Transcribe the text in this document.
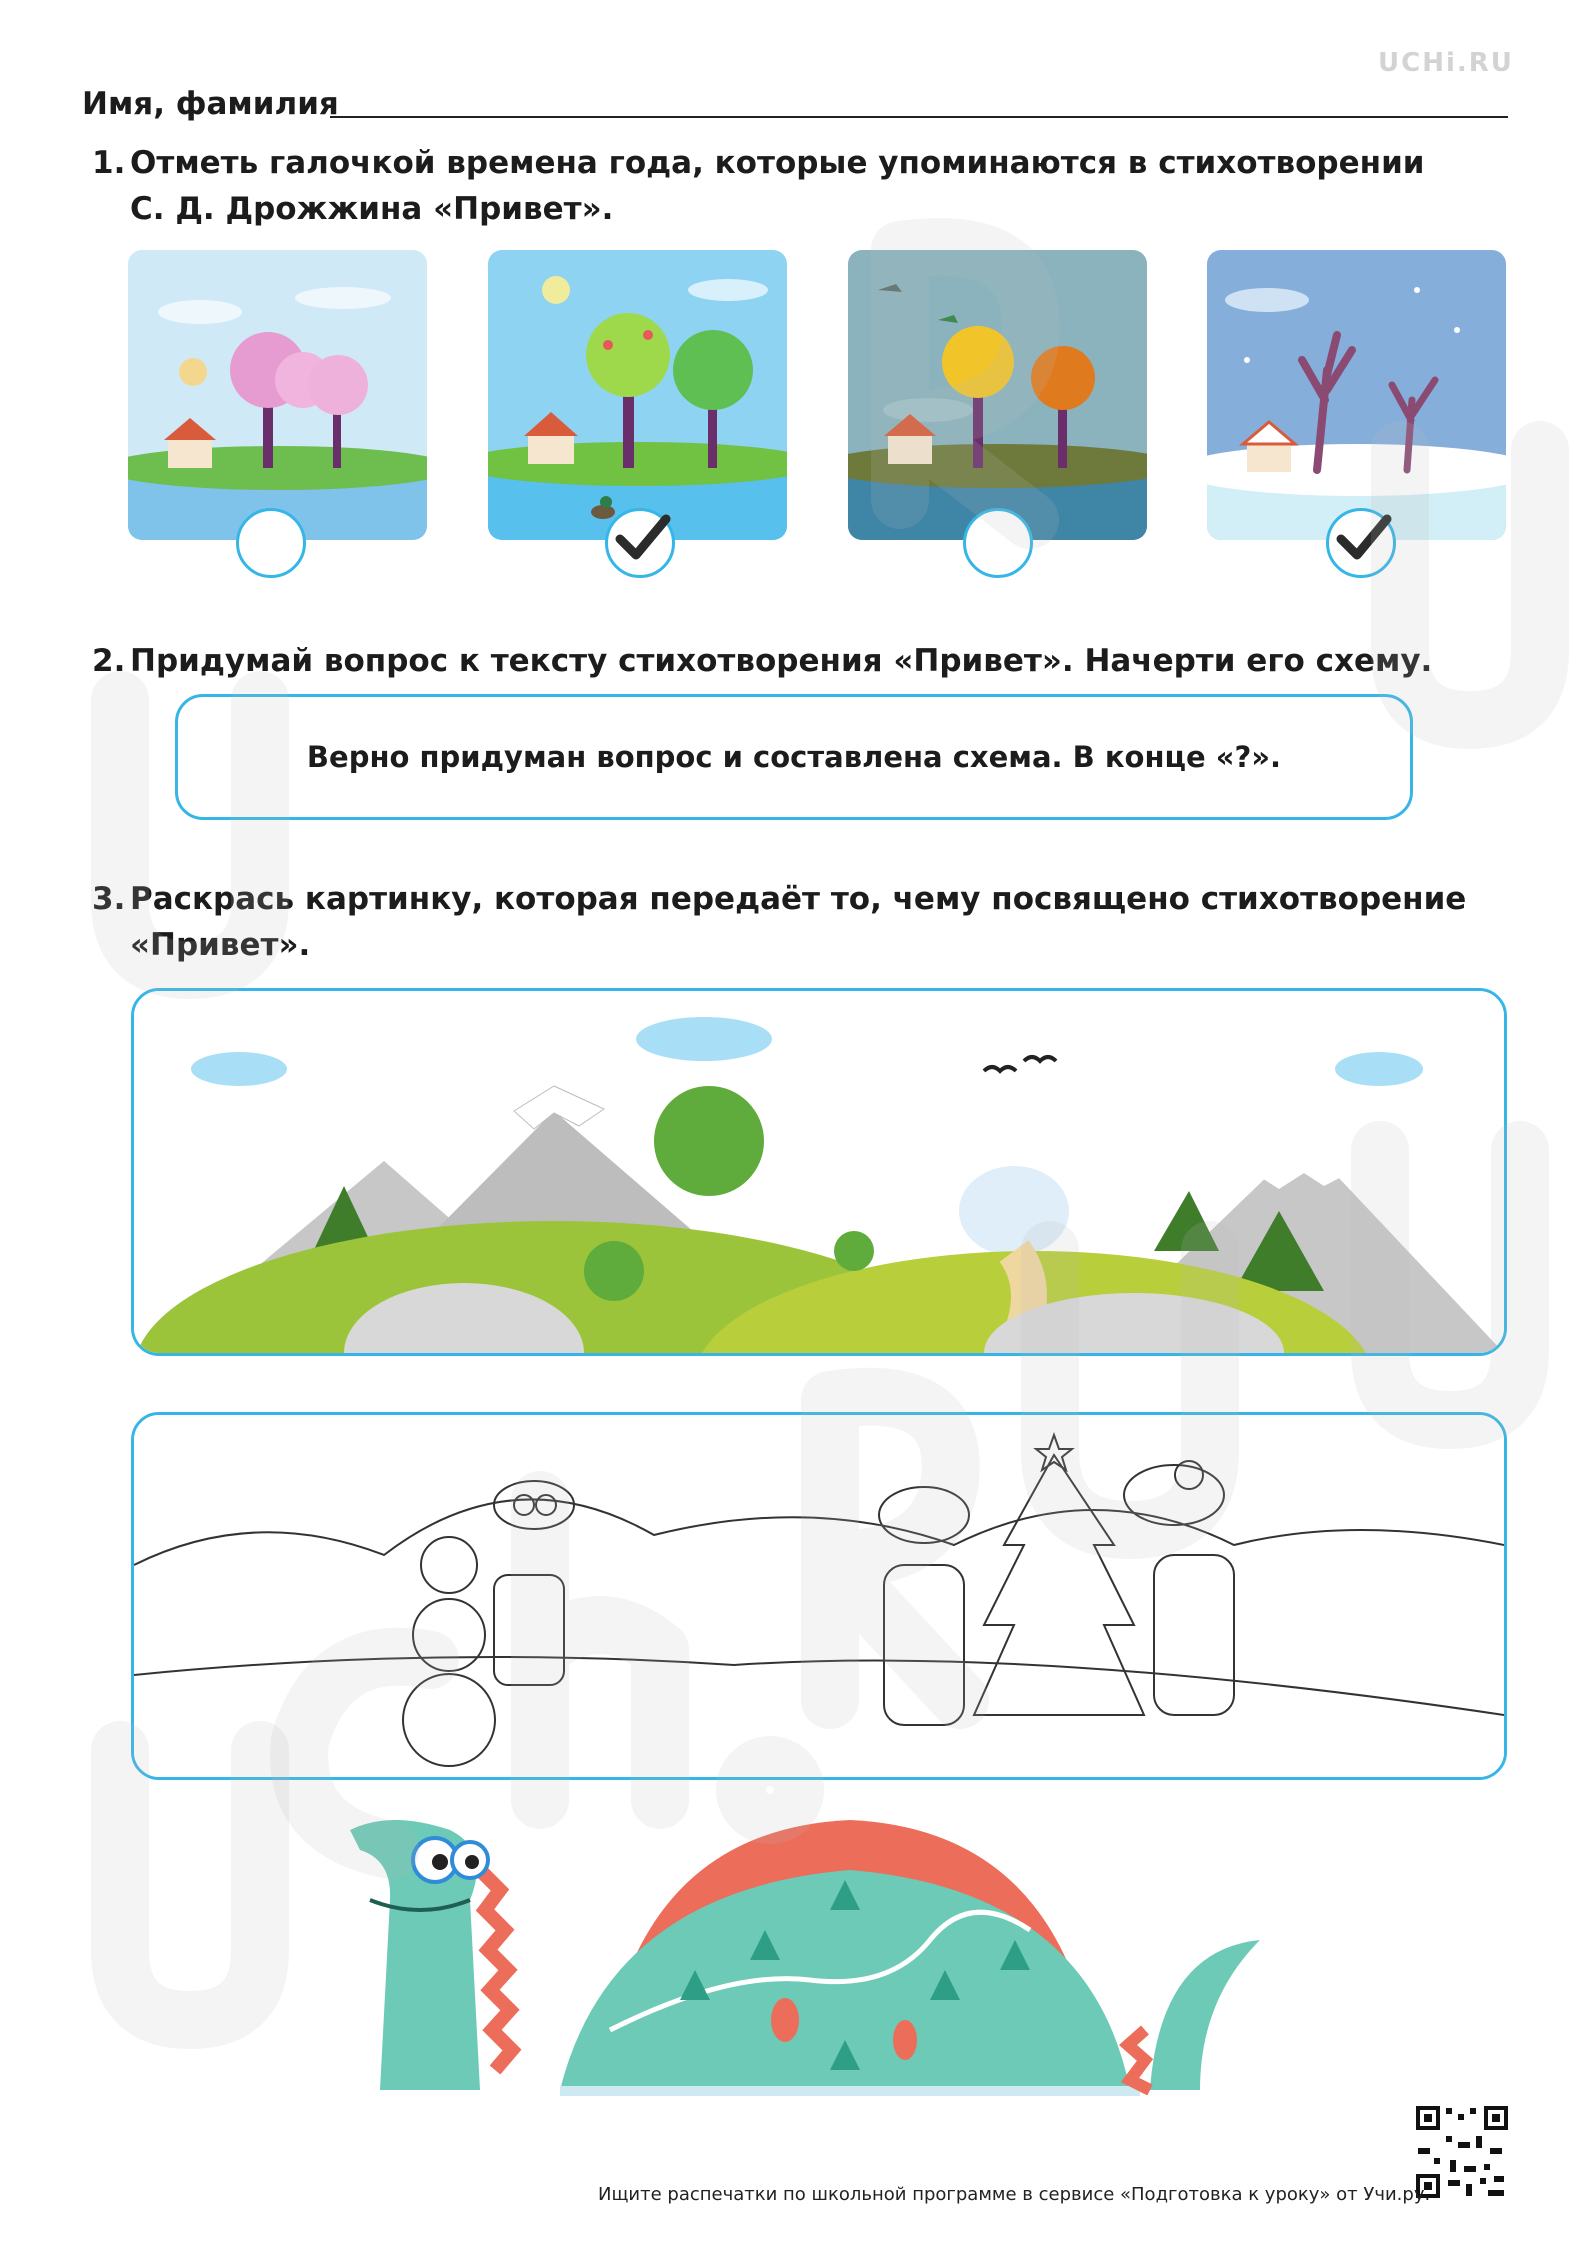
UCHi.RU
Имя, фамилия
1. Отметь галочкой времена года, которые упоминаются в стихотворении
С. Д. Дрожжина «Привет».
2. Придумай вопрос к тексту стихотворения «Привет». Начерти его схему.
Верно придуман вопрос и составлена схема. В конце «?».
3. Раскрась картинку, которая передаёт то, чему посвящено стихотворение
«Привет».
Ищите распечатки по школьной программе в сервисе «Подготовка к уроку» от Учи.ру.
